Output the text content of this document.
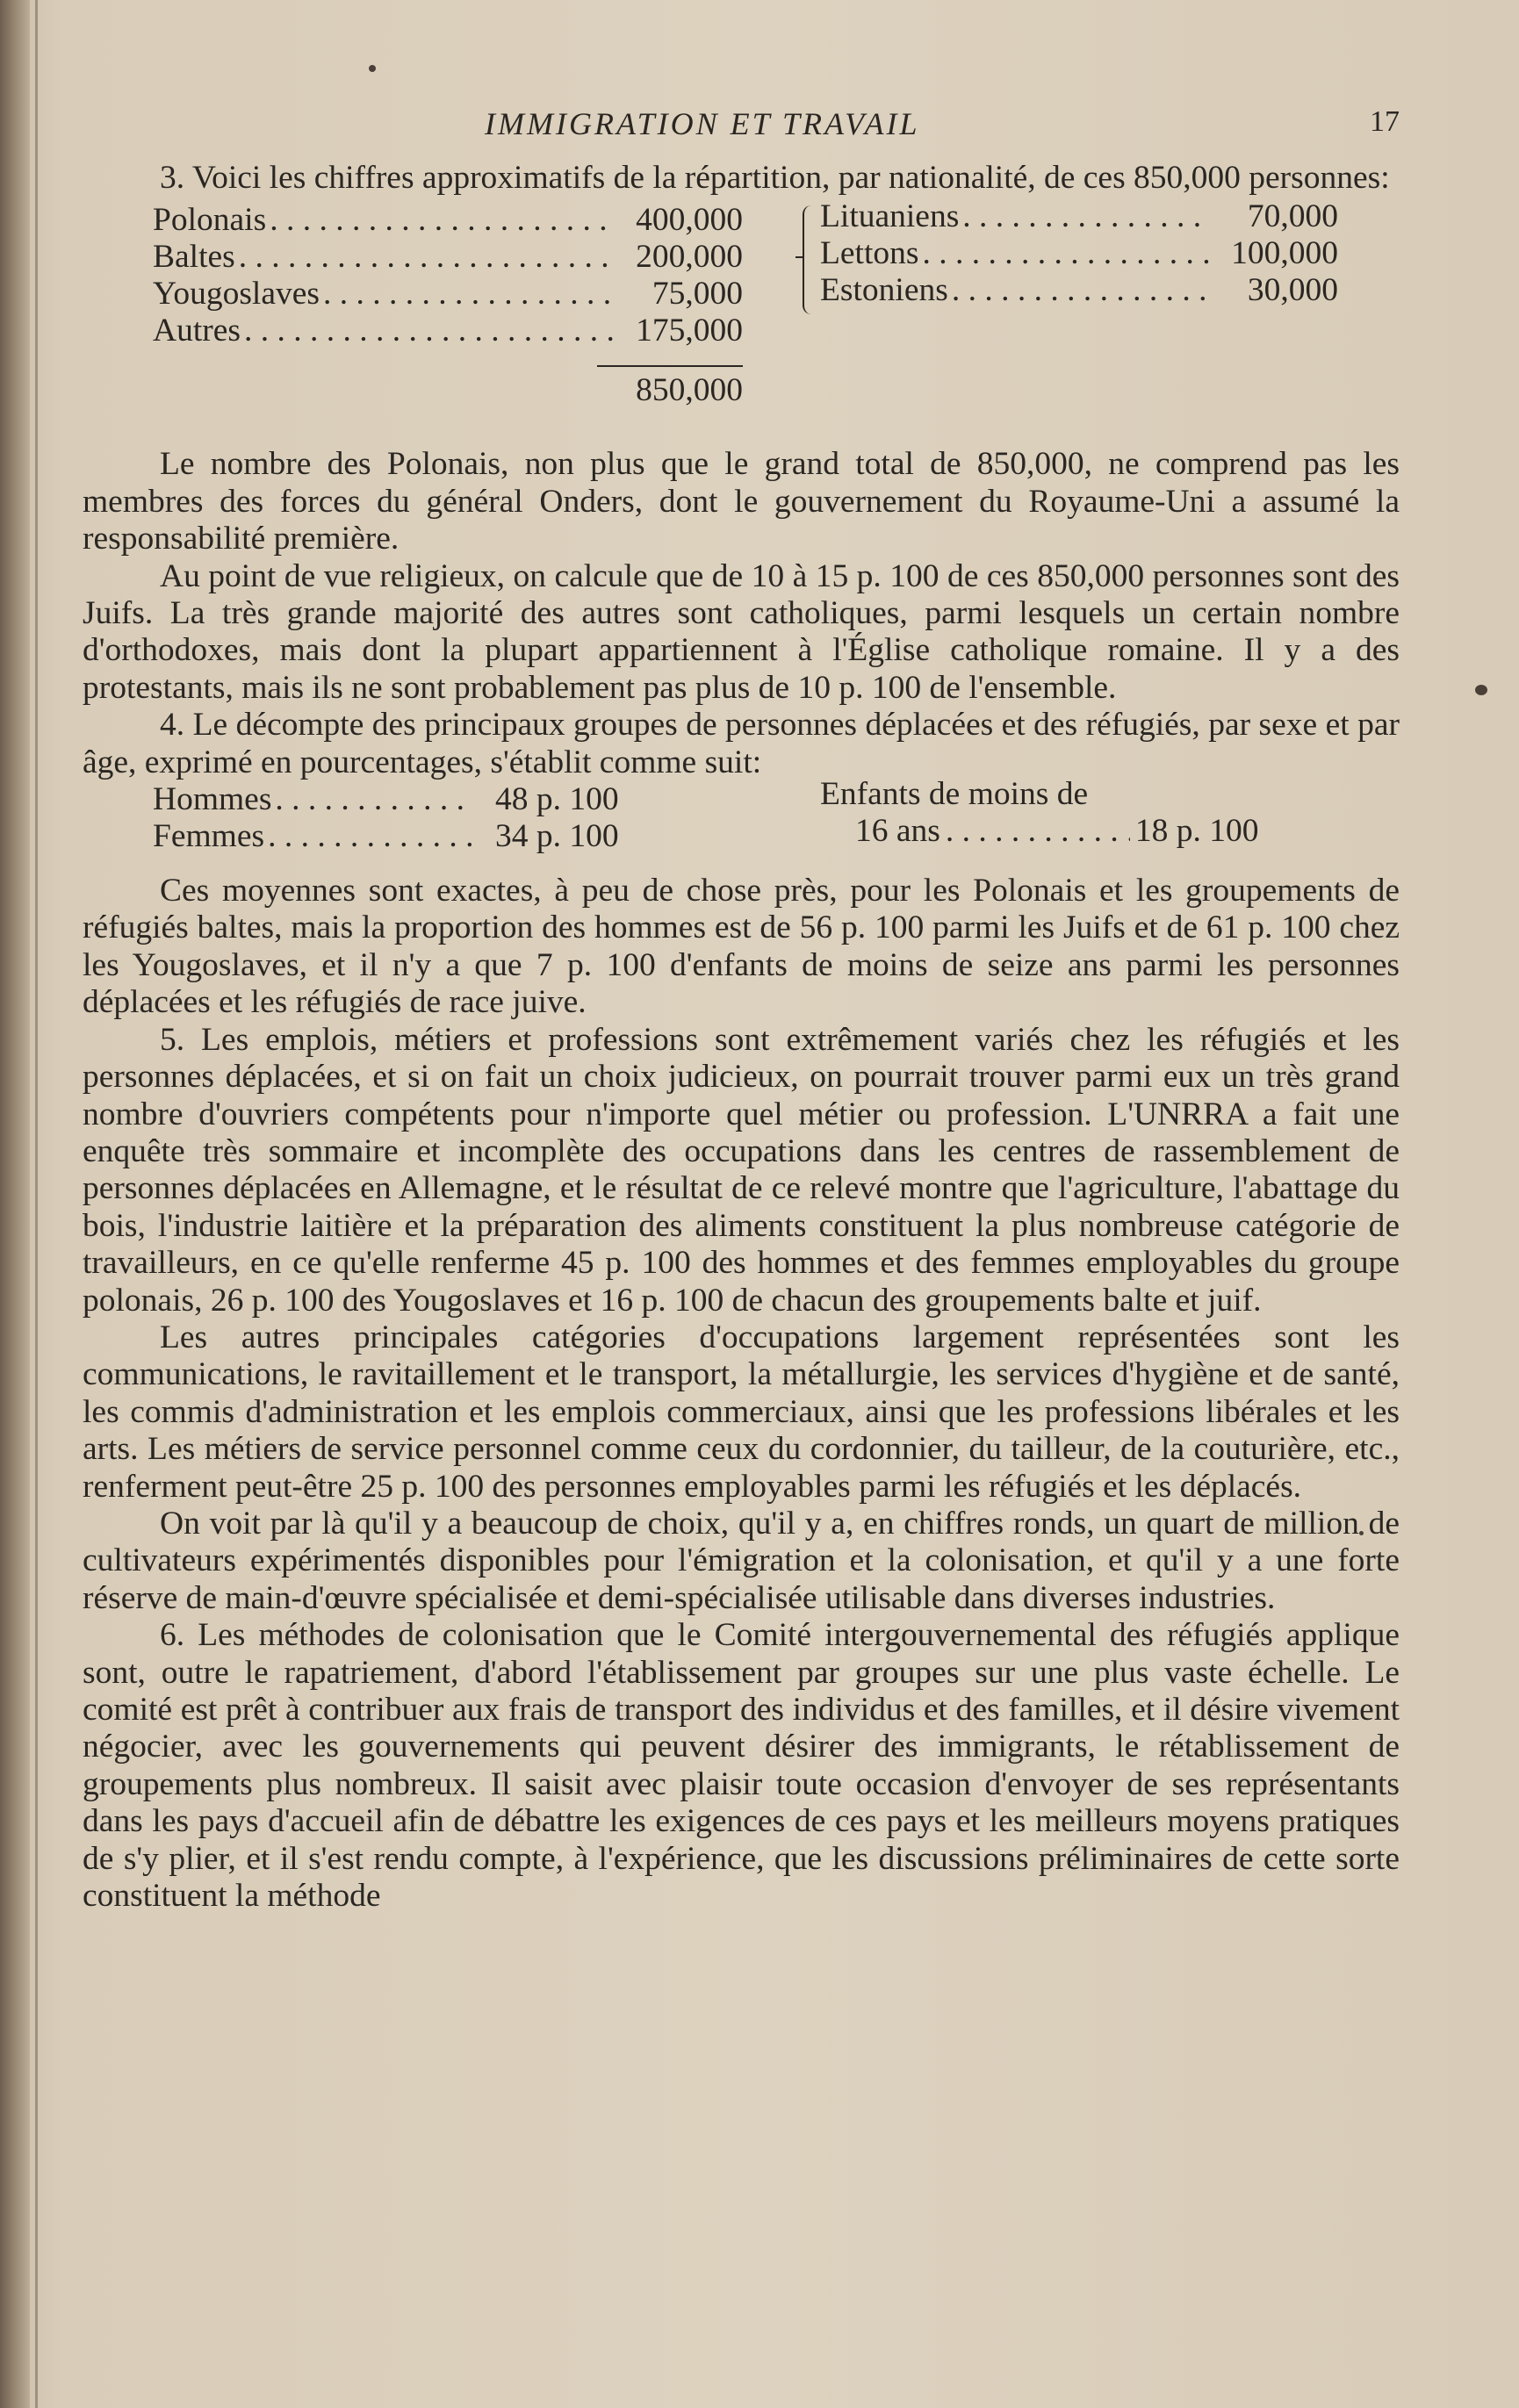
IMMIGRATION ET TRAVAIL	17

3. Voici les chiffres approximatifs de la répartition, par nationalité, de ces 850,000 personnes:

Polonais . . .	400,000
Baltes . . .	200,000
Yougoslaves . . .	75,000
Autres . . .	175,000
850,000
Lituaniens . . .	70,000
Lettons . . .	100,000
Estoniens . . .	30,000

Le nombre des Polonais, non plus que le grand total de 850,000, ne comprend pas les membres des forces du général Onders, dont le gouvernement du Royaume-Uni a assumé la responsabilité première.

Au point de vue religieux, on calcule que de 10 à 15 p. 100 de ces 850,000 personnes sont des Juifs. La très grande majorité des autres sont catholiques, parmi lesquels un certain nombre d'orthodoxes, mais dont la plupart appartiennent à l'Église catholique romaine. Il y a des protestants, mais ils ne sont probablement pas plus de 10 p. 100 de l'ensemble.

4. Le décompte des principaux groupes de personnes déplacées et des réfugiés, par sexe et par âge, exprimé en pourcentages, s'établit comme suit:

Hommes . . .	48 p. 100
Femmes . . .	34 p. 100
Enfants de moins de
16 ans . . .	18 p. 100

Ces moyennes sont exactes, à peu de chose près, pour les Polonais et les groupements de réfugiés baltes, mais la proportion des hommes est de 56 p. 100 parmi les Juifs et de 61 p. 100 chez les Yougoslaves, et il n'y a que 7 p. 100 d'enfants de moins de seize ans parmi les personnes déplacées et les réfugiés de race juive.

5. Les emplois, métiers et professions sont extrêmement variés chez les réfugiés et les personnes déplacées, et si on fait un choix judicieux, on pourrait trouver parmi eux un très grand nombre d'ouvriers compétents pour n'importe quel métier ou profession. L'UNRRA a fait une enquête très sommaire et incomplète des occupations dans les centres de rassemblement de personnes déplacées en Allemagne, et le résultat de ce relevé montre que l'agriculture, l'abattage du bois, l'industrie laitière et la préparation des aliments constituent la plus nombreuse catégorie de travailleurs, en ce qu'elle renferme 45 p. 100 des hommes et des femmes employables du groupe polonais, 26 p. 100 des Yougoslaves et 16 p. 100 de chacun des groupements balte et juif.

Les autres principales catégories d'occupations largement représentées sont les communications, le ravitaillement et le transport, la métallurgie, les services d'hygiène et de santé, les commis d'administration et les emplois commerciaux, ainsi que les professions libérales et les arts. Les métiers de service personnel comme ceux du cordonnier, du tailleur, de la couturière, etc., renferment peut-être 25 p. 100 des personnes employables parmi les réfugiés et les déplacés.

On voit par là qu'il y a beaucoup de choix, qu'il y a, en chiffres ronds, un quart de million de cultivateurs expérimentés disponibles pour l'émigration et la colonisation, et qu'il y a une forte réserve de main-d'œuvre spécialisée et demi-spécialisée utilisable dans diverses industries.

6. Les méthodes de colonisation que le Comité intergouvernemental des réfugiés applique sont, outre le rapatriement, d'abord l'établissement par groupes sur une plus vaste échelle. Le comité est prêt à contribuer aux frais de transport des individus et des familles, et il désire vivement négocier, avec les gouvernements qui peuvent désirer des immigrants, le rétablissement de groupements plus nombreux. Il saisit avec plaisir toute occasion d'envoyer de ses représentants dans les pays d'accueil afin de débattre les exigences de ces pays et les meilleurs moyens pratiques de s'y plier, et il s'est rendu compte, à l'expérience, que les discussions préliminaires de cette sorte constituent la méthode
